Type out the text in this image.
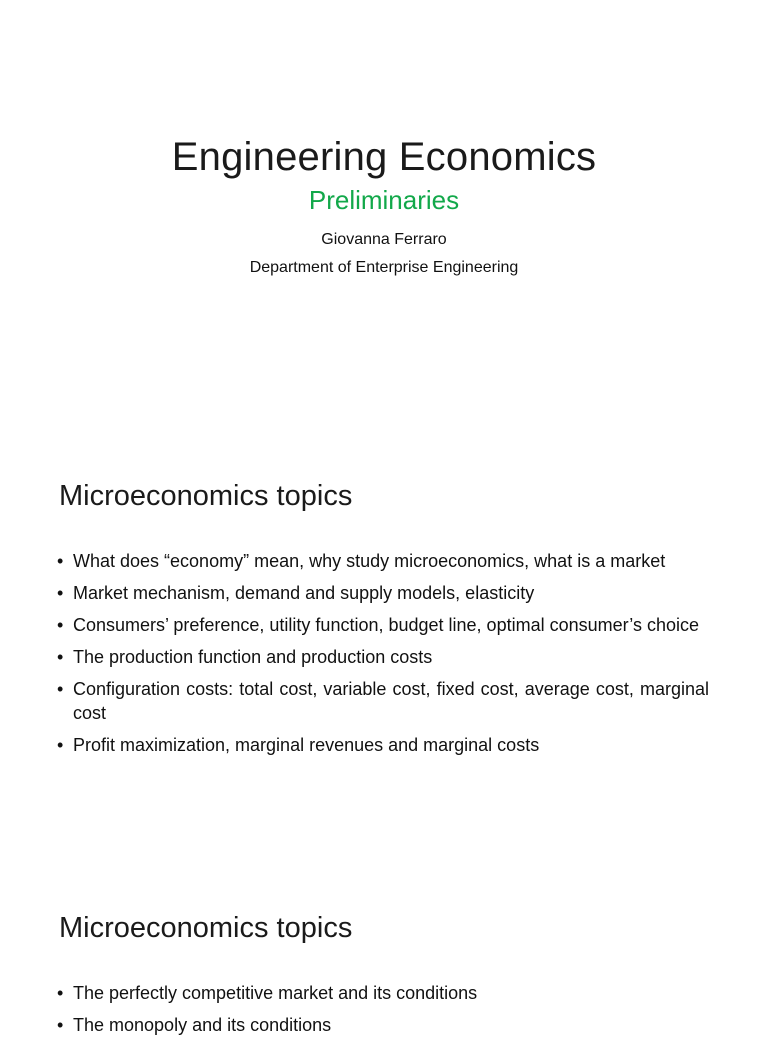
Engineering Economics
Preliminaries
Giovanna Ferraro
Department of Enterprise Engineering
Microeconomics topics
• What does “economy” mean, why study microeconomics, what is a market
• Market mechanism, demand and supply models, elasticity
• Consumers’ preference, utility function, budget line, optimal consumer’s choice
• The production function and production costs
• Configuration costs: total cost, variable cost, fixed cost, average cost, marginal cost
• Profit maximization, marginal revenues and marginal costs
Microeconomics topics
• The perfectly competitive market and its conditions
• The monopoly and its conditions
